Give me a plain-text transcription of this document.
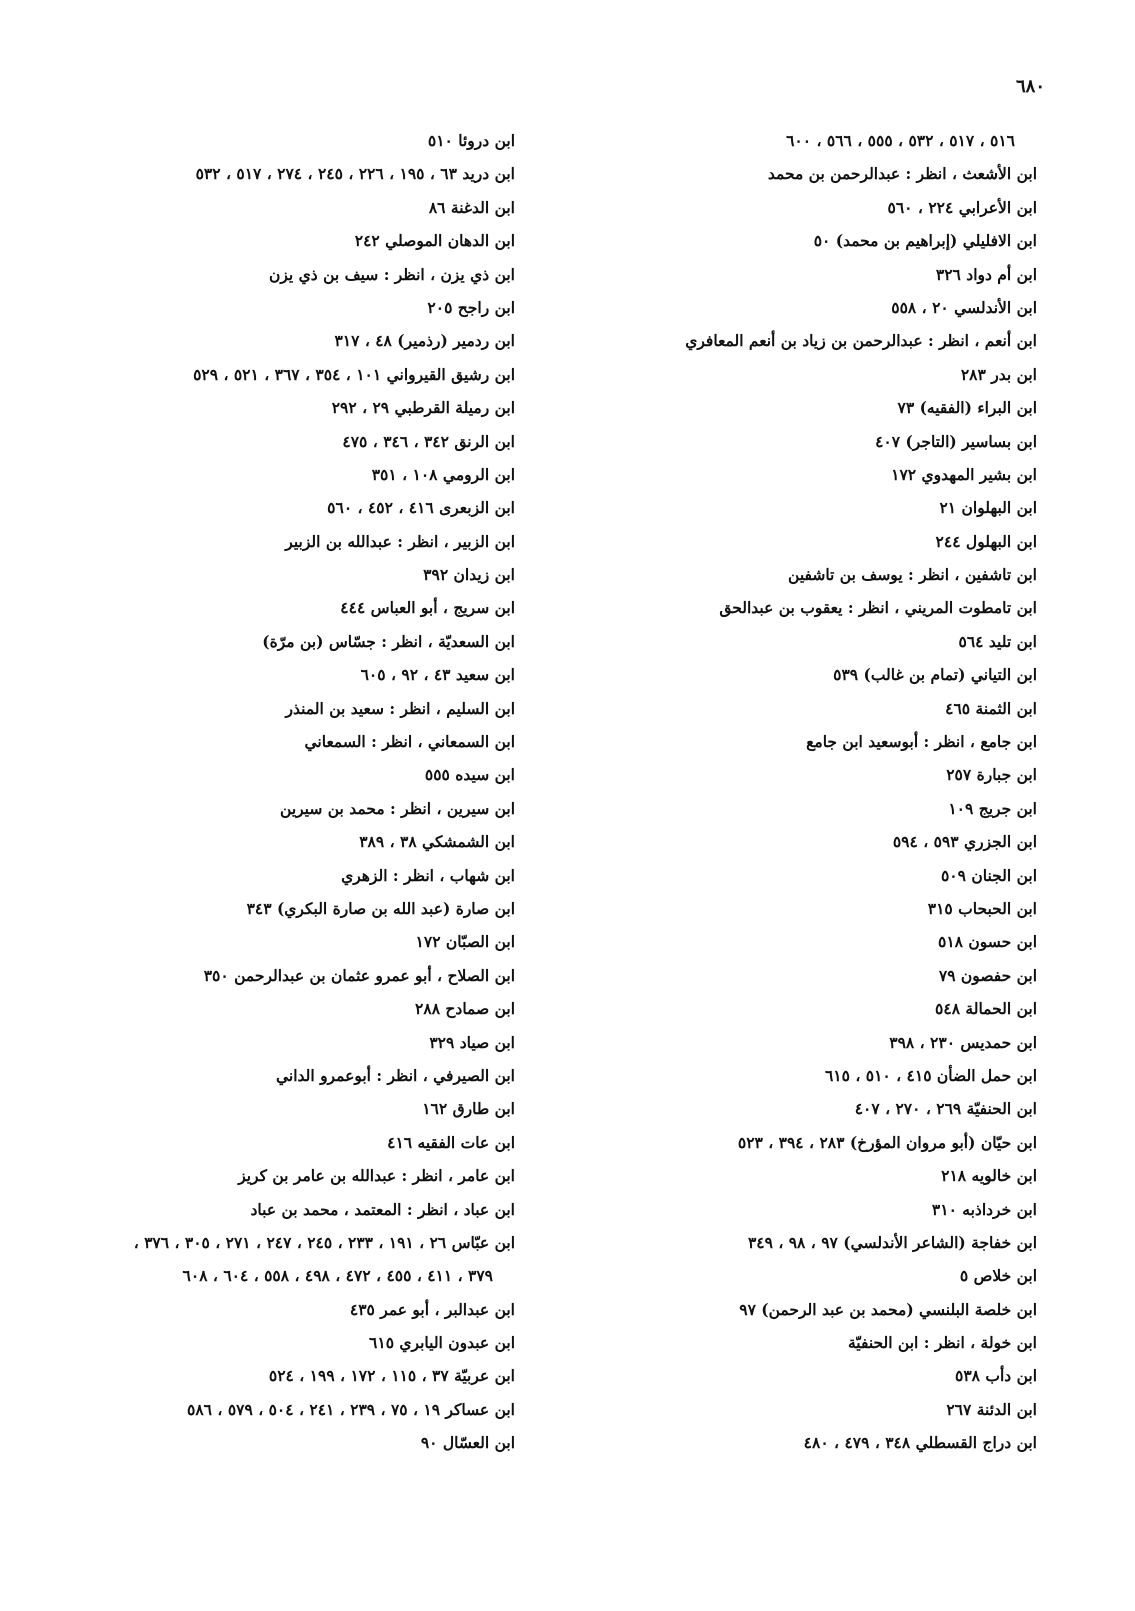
٦٨٠
٥١٦ ، ٥١٧ ، ٥٣٢ ، ٥٥٥ ، ٥٦٦ ، ٦٠٠
ابن الأشعث ، انظر : عبدالرحمن بن محمد
ابن الأعرابي ٢٢٤ ، ٥٦٠
ابن الافليلي (إبراهيم بن محمد) ٥٠
ابن أم دواد ٣٢٦
ابن الأندلسي ٢٠ ، ٥٥٨
ابن أنعم ، انظر : عبدالرحمن بن زياد بن أنعم المعافري
ابن بدر ٢٨٣
ابن البراء (الفقيه) ٧٣
ابن بساسير (التاجر) ٤٠٧
ابن بشير المهدوي ١٧٢
ابن البهلوان ٢١
ابن البهلول ٢٤٤
ابن تاشفين ، انظر : يوسف بن تاشفين
ابن تامطوت المريني ، انظر : يعقوب بن عبدالحق
ابن تليد ٥٦٤
ابن التياني (تمام بن غالب) ٥٣٩
ابن الثمنة ٤٦٥
ابن جامع ، انظر : أبوسعيد ابن جامع
ابن جبارة ٢٥٧
ابن جريج ١٠٩
ابن الجزري ٥٩٣ ، ٥٩٤
ابن الجنان ٥٠٩
ابن الحبحاب ٣١٥
ابن حسون ٥١٨
ابن حفصون ٧٩
ابن الحمالة ٥٤٨
ابن حمديس ٢٣٠ ، ٣٩٨
ابن حمل الضأن ٤١٥ ، ٥١٠ ، ٦١٥
ابن الحنفيّة ٢٦٩ ، ٢٧٠ ، ٤٠٧
ابن حيّان (أبو مروان المؤرخ) ٢٨٣ ، ٣٩٤ ، ٥٢٣
ابن خالويه ٢١٨
ابن خرداذبه ٣١٠
ابن خفاجة (الشاعر الأندلسي) ٩٧ ، ٩٨ ، ٣٤٩
ابن خلاص ٥
ابن خلصة البلنسي (محمد بن عبد الرحمن) ٩٧
ابن خولة ، انظر : ابن الحنفيّة
ابن دأب ٥٣٨
ابن الدئنة ٢٦٧
ابن دراج القسطلي ٣٤٨ ، ٤٧٩ ، ٤٨٠
ابن دروئا ٥١٠
ابن دريد ٦٣ ، ١٩٥ ، ٢٢٦ ، ٢٤٥ ، ٢٧٤ ، ٥١٧ ، ٥٣٢
ابن الدغنة ٨٦
ابن الدهان الموصلي ٢٤٢
ابن ذي يزن ، انظر : سيف بن ذي يزن
ابن راجح ٢٠٥
ابن ردمير (رذمير) ٤٨ ، ٣١٧
ابن رشيق القيرواني ١٠١ ، ٣٥٤ ، ٣٦٧ ، ٥٢١ ، ٥٢٩
ابن رميلة القرطبي ٢٩ ، ٢٩٢
ابن الرنق ٣٤٢ ، ٣٤٦ ، ٤٧٥
ابن الرومي ١٠٨ ، ٣٥١
ابن الزبعرى ٤١٦ ، ٤٥٢ ، ٥٦٠
ابن الزبير ، انظر : عبدالله بن الزبير
ابن زيدان ٣٩٢
ابن سريج ، أبو العباس ٤٤٤
ابن السعديّة ، انظر : جسّاس (بن مرّة)
ابن سعيد ٤٣ ، ٩٢ ، ٦٠٥
ابن السليم ، انظر : سعيد بن المنذر
ابن السمعاني ، انظر : السمعاني
ابن سيده ٥٥٥
ابن سيرين ، انظر : محمد بن سيرين
ابن الشمشكي ٣٨ ، ٣٨٩
ابن شهاب ، انظر : الزهري
ابن صارة (عبد الله بن صارة البكري) ٣٤٣
ابن الصبّان ١٧٢
ابن الصلاح ، أبو عمرو عثمان بن عبدالرحمن ٣٥٠
ابن صمادح ٢٨٨
ابن صياد ٣٢٩
ابن الصيرفي ، انظر : أبوعمرو الداني
ابن طارق ١٦٢
ابن عات الفقيه ٤١٦
ابن عامر ، انظر : عبدالله بن عامر بن كريز
ابن عباد ، انظر : المعتمد ، محمد بن عباد
ابن عبّاس ٢٦ ، ١٩١ ، ٢٣٣ ، ٢٤٥ ، ٢٤٧ ، ٢٧١ ، ٣٠٥ ، ٣٧٦ ،
٣٧٩ ، ٤١١ ، ٤٥٥ ، ٤٧٢ ، ٤٩٨ ، ٥٥٨ ، ٦٠٤ ، ٦٠٨
ابن عبدالبر ، أبو عمر ٤٣٥
ابن عبدون اليابري ٦١٥
ابن عربيّة ٣٧ ، ١١٥ ، ١٧٢ ، ١٩٩ ، ٥٢٤
ابن عساكر ١٩ ، ٧٥ ، ٢٣٩ ، ٢٤١ ، ٥٠٤ ، ٥٧٩ ، ٥٨٦
ابن العسّال ٩٠
